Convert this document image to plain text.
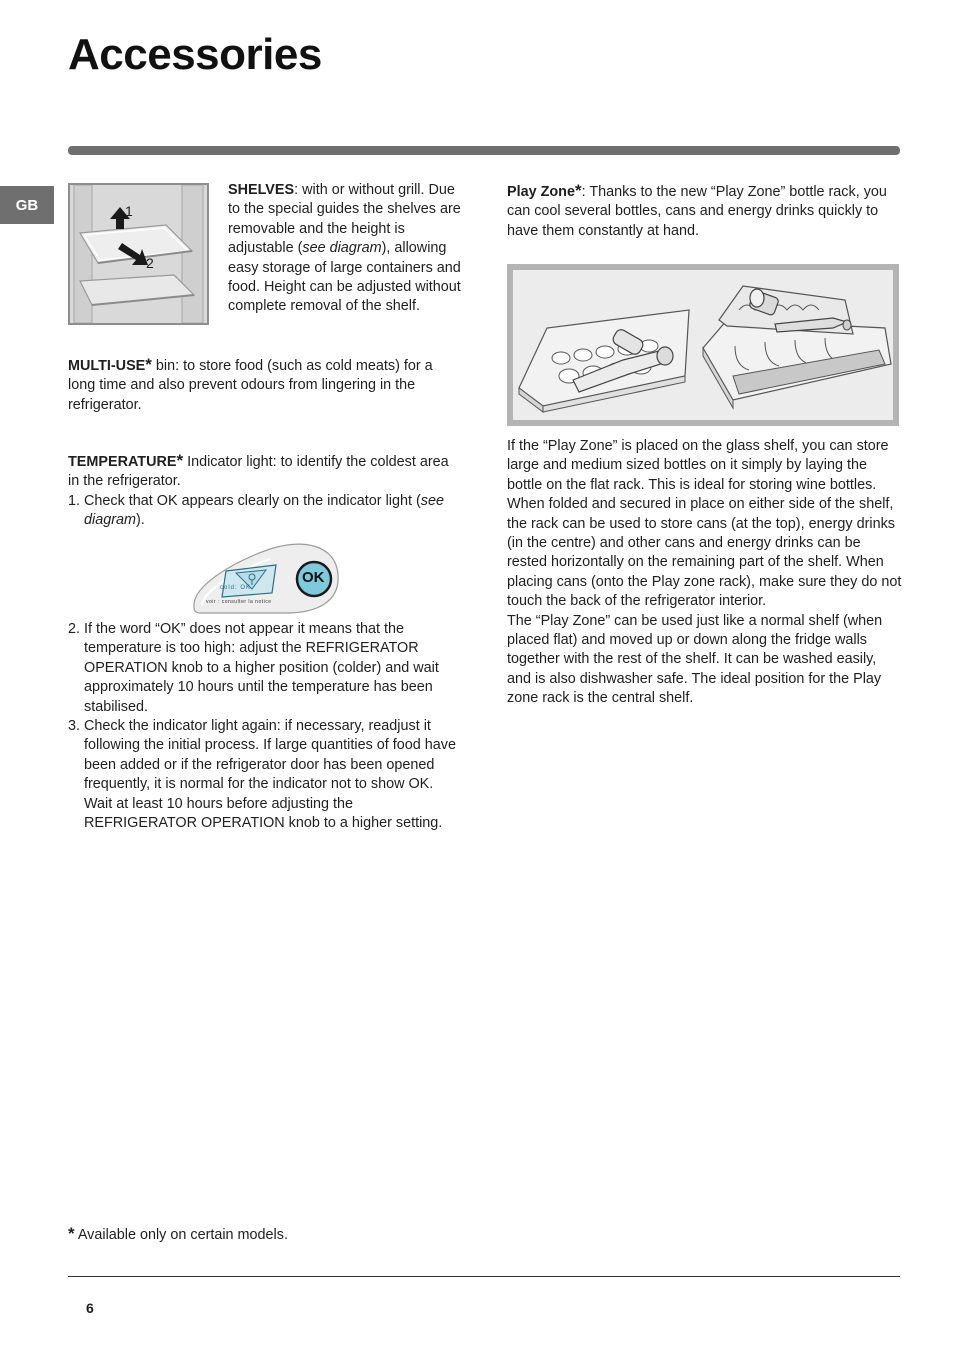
Accessories
GB	1
2

SHELVES: with or without grill. Due to the special guides the shelves are removable and the height is adjustable (see diagram), allowing easy storage of large containers and food. Height can be adjusted without complete removal of the shelf.

MULTI-USE* bin: to store food (such as cold meats) for a long time and also prevent odours from lingering in the refrigerator.

TEMPERATURE* Indicator light: to identify the coldest area in the refrigerator.

1. Check that OK appears clearly on the indicator light (see diagram).
OK
cold: OK
voir : consulter la notice
2. If the word “OK” does not appear it means that the temperature is too high: adjust the REFRIGERATOR OPERATION knob to a higher position (colder) and wait approximately 10 hours until the temperature has been stabilised.
3. Check the indicator light again: if necessary, readjust it following the initial process. If large quantities of food have been added or if the refrigerator door has been opened frequently, it is normal for the indicator not to show OK. Wait at least 10 hours before adjusting the REFRIGERATOR OPERATION knob to a higher setting.

Play Zone*: Thanks to the new “Play Zone” bottle rack, you can cool several bottles, cans and energy drinks quickly to have them constantly at hand.

If the “Play Zone” is placed on the glass shelf, you can store large and medium sized bottles on it simply by laying the bottle on the flat rack. This is ideal for storing wine bottles. When folded and secured in place on either side of the shelf, the rack can be used to store cans (at the top), energy drinks (in the centre) and other cans and energy drinks can be rested horizontally on the remaining part of the shelf. When placing cans (onto the Play zone rack), make sure they do not touch the back of the refrigerator interior.

The “Play Zone” can be used just like a normal shelf (when placed flat) and moved up or down along the fridge walls together with the rest of the shelf. It can be washed easily, and is also dishwasher safe. The ideal position for the Play zone rack is the central shelf.

* Available only on certain models.
6
